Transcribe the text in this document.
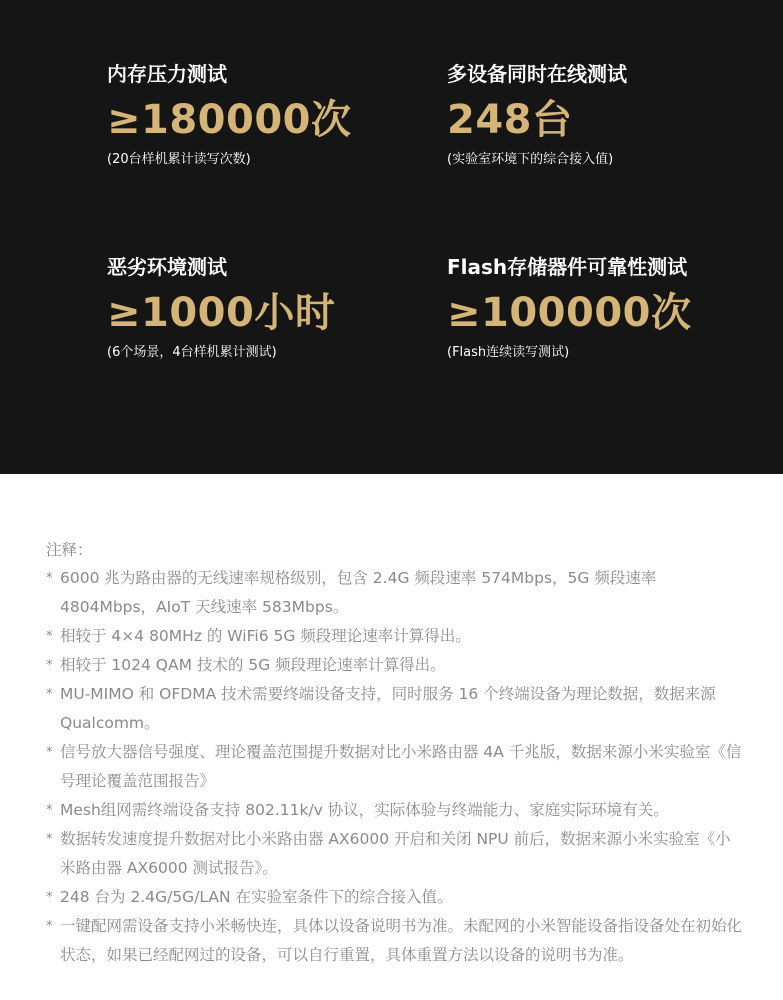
内存压力测试
≥180000次
(20台样机累计读写次数)
多设备同时在线测试
248台
(实验室环境下的综合接入值)
恶劣环境测试
≥1000小时
(6个场景，4台样机累计测试)
Flash存储器件可靠性测试
≥100000次
(Flash连续读写测试)
注释：
* 6000 兆为路由器的无线速率规格级别，包含 2.4G 频段速率 574Mbps，5G 频段速率 4804Mbps，AIoT 天线速率 583Mbps。
* 相较于 4×4 80MHz 的 WiFi6 5G 频段理论速率计算得出。
* 相较于 1024 QAM 技术的 5G 频段理论速率计算得出。
* MU-MIMO 和 OFDMA 技术需要终端设备支持，同时服务 16 个终端设备为理论数据，数据来源 Qualcomm。
* 信号放大器信号强度、理论覆盖范围提升数据对比小米路由器 4A 千兆版，数据来源小米实验室《信号理论覆盖范围报告》
* Mesh组网需终端设备支持 802.11k/v 协议，实际体验与终端能力、家庭实际环境有关。
* 数据转发速度提升数据对比小米路由器 AX6000 开启和关闭 NPU 前后，数据来源小米实验室《小米路由器 AX6000 测试报告》。
* 248 台为 2.4G/5G/LAN 在实验室条件下的综合接入值。
* 一键配网需设备支持小米畅快连，具体以设备说明书为准。未配网的小米智能设备指设备处在初始化状态，如果已经配网过的设备，可以自行重置，具体重置方法以设备的说明书为准。
